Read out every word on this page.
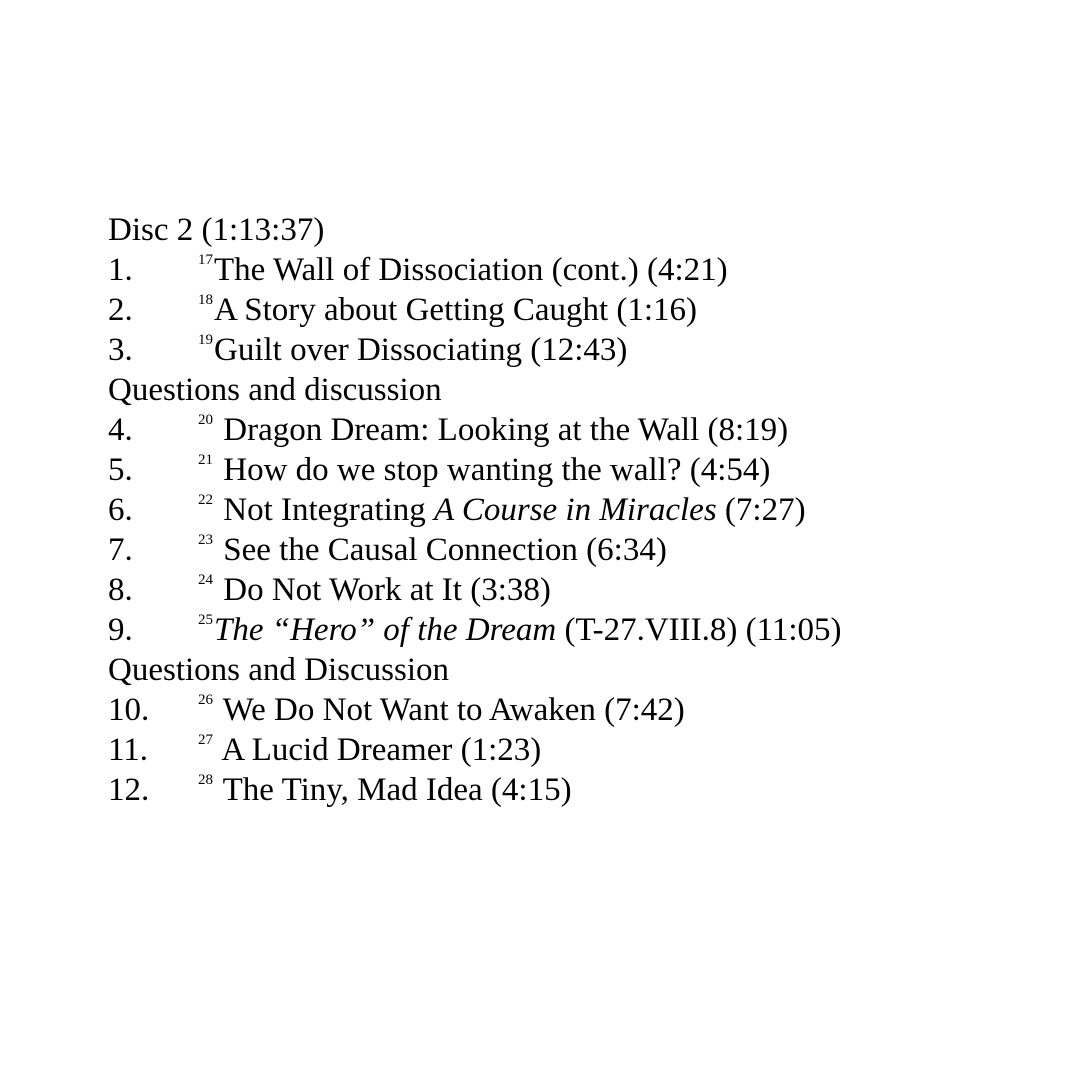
Disc 2 (1:13:37)
1.	$^{17}$The Wall of Dissociation (cont.) (4:21)
2.	$^{18}$A Story about Getting Caught (1:16)
3.	$^{19}$Guilt over Dissociating (12:43)
Questions and discussion
4.	$^{20}$ Dragon Dream: Looking at the Wall (8:19)
5.	$^{21}$ How do we stop wanting the wall? (4:54)
6.	$^{22}$ Not Integrating A Course in Miracles (7:27)
7.	$^{23}$ See the Causal Connection (6:34)
8.	$^{24}$ Do Not Work at It (3:38)
9.	$^{25}$The “Hero” of the Dream (T-27.VIII.8) (11:05)
Questions and Discussion
10.	$^{26}$ We Do Not Want to Awaken (7:42)
11.	$^{27}$ A Lucid Dreamer (1:23)
12.	$^{28}$ The Tiny, Mad Idea (4:15)
